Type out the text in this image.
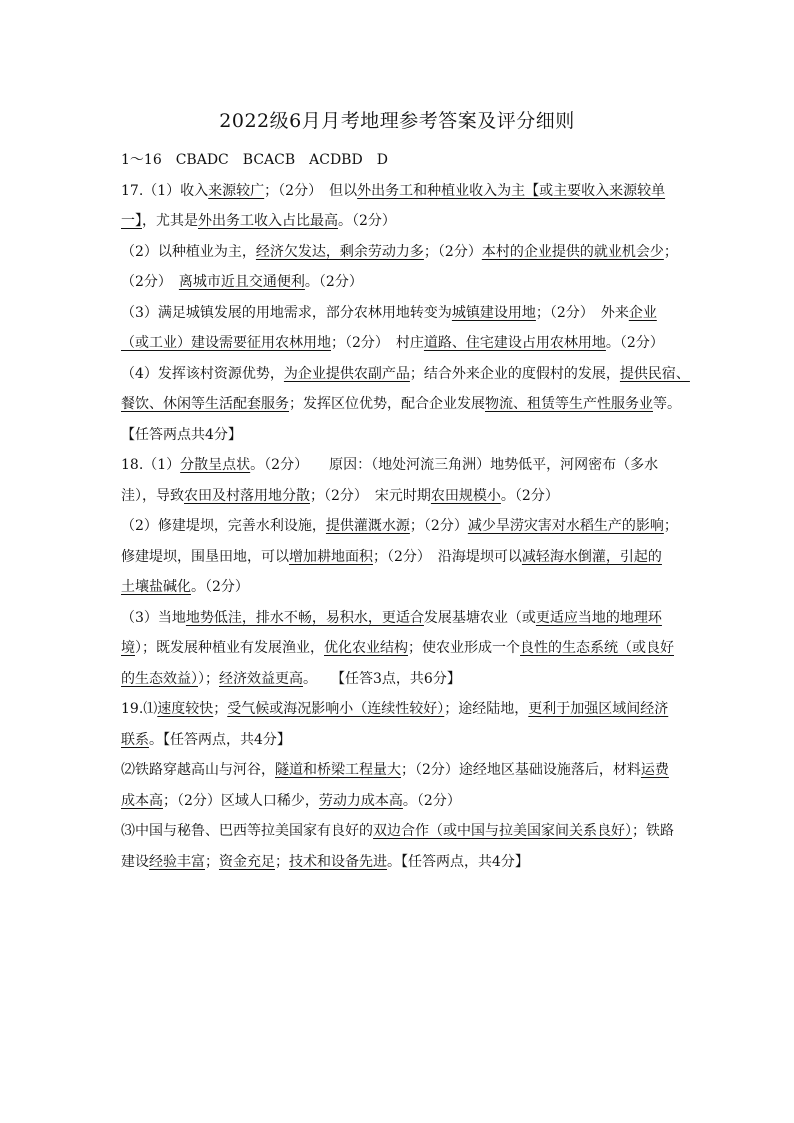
2022级6月月考地理参考答案及评分细则
1～16　CBADC　BCACB　ACDBD　D
17.（1）收入来源较广；（2分）　但以外出务工和种植业收入为主【或主要收入来源较单
一】，尤其是外出务工收入占比最高。（2分）
（2）以种植业为主，经济欠发达，剩余劳动力多；（2分）本村的企业提供的就业机会少；
（2分）　离城市近且交通便利。（2分）
（3）满足城镇发展的用地需求，部分农林用地转变为城镇建设用地；（2分）　外来企业
（或工业）建设需要征用农林用地；（2分）　村庄道路、住宅建设占用农林用地。（2分）
（4）发挥该村资源优势，为企业提供农副产品；结合外来企业的度假村的发展，提供民宿、
餐饮、休闲等生活配套服务；发挥区位优势，配合企业发展物流、租赁等生产性服务业等。
【任答两点共4分】
18.（1）分散呈点状。（2分）　　原因：（地处河流三角洲）地势低平，河网密布（多水
洼），导致农田及村落用地分散；（2分）　宋元时期农田规模小。（2分）
（2）修建堤坝，完善水利设施，提供灌溉水源；（2分）减少旱涝灾害对水稻生产的影响；
修建堤坝，围垦田地，可以增加耕地面积；（2分）　沿海堤坝可以减轻海水倒灌，引起的
土壤盐碱化。（2分）
（3）当地地势低洼，排水不畅，易积水，更适合发展基塘农业（或更适应当地的地理环
境）；既发展种植业有发展渔业，优化农业结构；使农业形成一个良性的生态系统（或良好
的生态效益））；经济效益更高。　　【任答3点，共6分】
19.⑴速度较快；受气候或海况影响小（连续性较好）；途经陆地，更利于加强区域间经济
联系。【任答两点，共4分】
⑵铁路穿越高山与河谷，隧道和桥梁工程量大；（2分）途经地区基础设施落后，材料运费
成本高；（2分）区域人口稀少，劳动力成本高。（2分）
⑶中国与秘鲁、巴西等拉美国家有良好的双边合作（或中国与拉美国家间关系良好）；铁路
建设经验丰富；资金充足；技术和设备先进。【任答两点，共4分】
